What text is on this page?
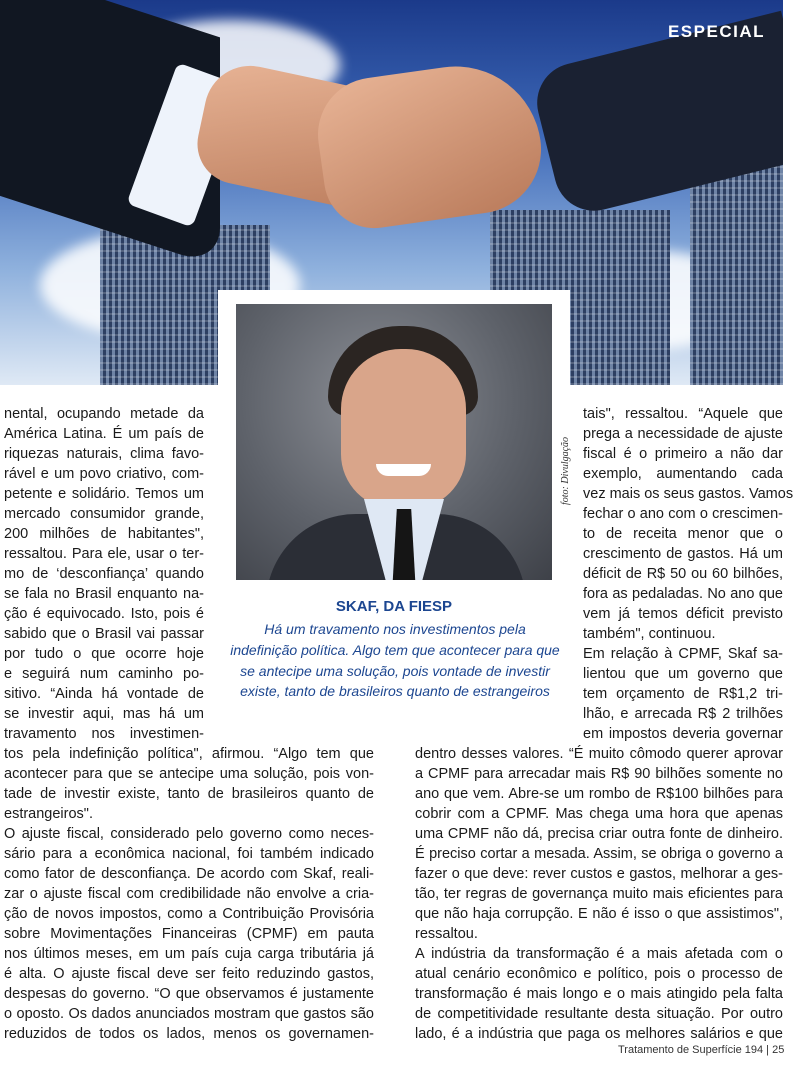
ESPECIAL
foto: Divulgação
SKAF, DA FIESP
Há um travamento nos investimentos pela indefinição política. Algo tem que acontecer para que se antecipe uma solução, pois vontade de investir existe, tanto de brasileiros quanto de estrangeiros
nental, ocupando metade da
América Latina. É um país de
riquezas naturais, clima favo-
rável e um povo criativo, com-
petente e solidário. Temos um
mercado consumidor grande,
200 milhões de habitantes",
ressaltou. Para ele, usar o ter-
mo de ‘desconfiança’ quando
se fala no Brasil enquanto na-
ção é equivocado. Isto, pois é
sabido que o Brasil vai passar
por tudo o que ocorre hoje
e seguirá num caminho po-
sitivo. “Ainda há vontade de
se investir aqui, mas há um
travamento nos investimen-
tos pela indefinição política", afirmou. “Algo tem que
acontecer para que se antecipe uma solução, pois von-
tade de investir existe, tanto de brasileiros quanto de
estrangeiros".
O ajuste fiscal, considerado pelo governo como neces-
sário para a econômica nacional, foi também indicado
como fator de desconfiança. De acordo com Skaf, reali-
zar o ajuste fiscal com credibilidade não envolve a cria-
ção de novos impostos, como a Contribuição Provisória
sobre Movimentações Financeiras (CPMF) em pauta
nos últimos meses, em um país cuja carga tributária já
é alta. O ajuste fiscal deve ser feito reduzindo gastos,
despesas do governo. “O que observamos é justamente
o oposto. Os dados anunciados mostram que gastos são
reduzidos de todos os lados, menos os governamen-
tais", ressaltou. “Aquele que
prega a necessidade de ajuste
fiscal é o primeiro a não dar
exemplo, aumentando cada
vez mais os seus gastos. Vamos
fechar o ano com o crescimen-
to de receita menor que o
crescimento de gastos. Há um
déficit de R$ 50 ou 60 bilhões,
fora as pedaladas. No ano que
vem já temos déficit previsto
também", continuou.
Em relação à CPMF, Skaf sa-
lientou que um governo que
tem orçamento de R$1,2 tri-
lhão, e arrecada R$ 2 trilhões
em impostos deveria governar
dentro desses valores. “É muito cômodo querer aprovar
a CPMF para arrecadar mais R$ 90 bilhões somente no
ano que vem. Abre-se um rombo de R$100 bilhões para
cobrir com a CPMF. Mas chega uma hora que apenas
uma CPMF não dá, precisa criar outra fonte de dinheiro.
É preciso cortar a mesada. Assim, se obriga o governo a
fazer o que deve: rever custos e gastos, melhorar a ges-
tão, ter regras de governança muito mais eficientes para
que não haja corrupção. E não é isso o que assistimos",
ressaltou.
A indústria da transformação é a mais afetada com o
atual cenário econômico e político, pois o processo de
transformação é mais longo e o mais atingido pela falta
de competitividade resultante desta situação. Por outro
lado, é a indústria que paga os melhores salários e que
Tratamento de Superfície 194 | 25
